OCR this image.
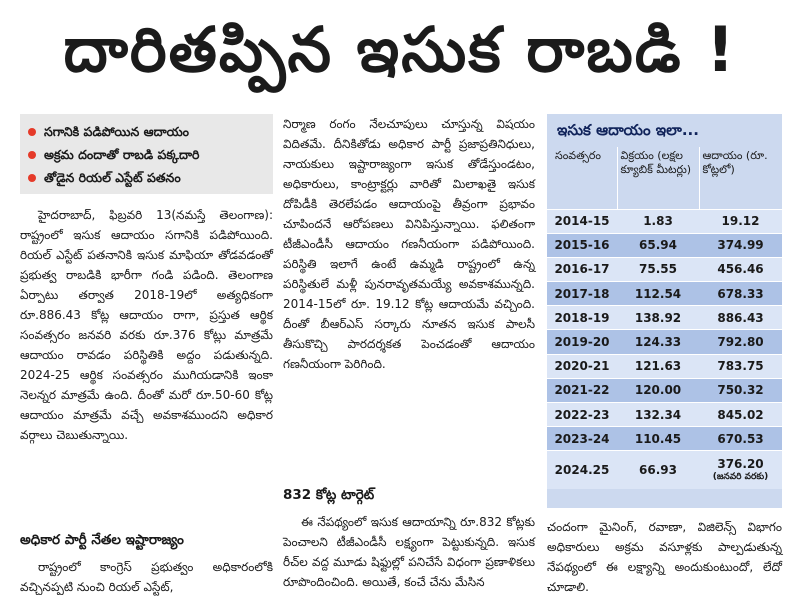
దారితప్పిన ఇసుక రాబడి !
సగానికి పడిపోయిన ఆదాయం
అక్రమ దందాతో రాబడి పక్కదారి
తోడైన రియల్‌ ఎస్టేట్‌ పతనం

హైదరాబాద్‌, ఫిబ్రవరి 13(నమస్తే తెలంగాణ): రాష్ట్రంలో ఇసుక ఆదాయం సగానికి పడిపోయింది. రియల్‌ ఎస్టేట్‌ పతనానికి ఇసుక మాఫియా తోడవడంతో ప్రభుత్వ రాబడికి భారీగా గండి పడింది. తెలంగాణ ఏర్పాటు తర్వాత 2018-19లో అత్యధికంగా రూ.886.43 కోట్ల ఆదాయం రాగా, ప్రస్తుత ఆర్థిక సంవత్సరం జనవరి వరకు రూ.376 కోట్లు మాత్రమే ఆదాయం రావడం పరిస్థితికి అద్దం పడుతున్నది. 2024-25 ఆర్థిక సంవత్సరం ముగియడానికి ఇంకా నెలన్నర మాత్రమే ఉంది. దీంతో మరో రూ.50-60 కోట్ల ఆదాయం మాత్రమే వచ్చే అవకాశముందని అధికార వర్గాలు చెబుతున్నాయి.

అధికార పార్టీ నేతల ఇష్టారాజ్యం

రాష్ట్రంలో కాంగ్రెస్‌ ప్రభుత్వం అధికారంలోకి వచ్చినప్పటి నుంచి రియల్‌ ఎస్టేట్‌,

నిర్మాణ రంగం నేలచూపులు చూస్తున్న విషయం విదితమే. దీనికితోడు అధికార పార్టీ ప్రజాప్రతినిధులు, నాయకులు ఇష్టారాజ్యంగా ఇసుక తోడేస్తుండటం, అధికారులు, కాంట్రాక్టర్లు వారితో మిలాఖతై ఇసుక దోపిడీకి తెరలేపడం ఆదాయంపై తీవ్రంగా ప్రభావం చూపిందనే ఆరోపణలు వినిపిస్తున్నాయి. ఫలితంగా టీజీఎండీసీ ఆదాయం గణనీయంగా పడిపోయింది. పరిస్థితి ఇలాగే ఉంటే ఉమ్మడి రాష్ట్రంలో ఉన్న పరిస్థితులే మళ్లీ పునరావృతమయ్యే అవకాశమున్నది. 2014-15లో రూ. 19.12 కోట్ల ఆదాయమే వచ్చింది. దీంతో బీఆర్‌ఎస్‌ సర్కారు నూతన ఇసుక పాలసీ తీసుకొచ్చి పారదర్శకత పెంచడంతో ఆదాయం గణనీయంగా పెరిగింది.

832 కోట్ల టార్గెట్‌

ఈ నేపథ్యంలో ఇసుక ఆదాయాన్ని రూ.832 కోట్లకు పెంచాలని టీజీఎండీసీ లక్ష్యంగా పెట్టుకున్నది. ఇసుక రీచ్‌ల వద్ద మూడు షిఫ్టుల్లో పనిచేసే విధంగా ప్రణాళికలు రూపొందించింది. అయితే, కంచే చేను మేసిన

ఇసుక ఆదాయం ఇలా...
సంవత్సరం	విక్రయం (లక్షల క్యూబిక్‌ మీటర్లు)	ఆదాయం (రూ. కోట్లలో)
2014-15	1.83	19.12
2015-16	65.94	374.99
2016-17	75.55	456.46
2017-18	112.54	678.33
2018-19	138.92	886.43
2019-20	124.33	792.80
2020-21	121.63	783.75
2021-22	120.00	750.32
2022-23	132.34	845.02
2023-24	110.45	670.53
2024.25	66.93	376.20
(జనవరి వరకు)

చందంగా మైనింగ్‌, రవాణా, విజిలెన్స్‌ విభాగం అధికారులు అక్రమ వసూళ్లకు పాల్పడుతున్న నేపథ్యంలో ఈ లక్ష్యాన్ని అందుకుంటుందో, లేదో చూడాలి.
